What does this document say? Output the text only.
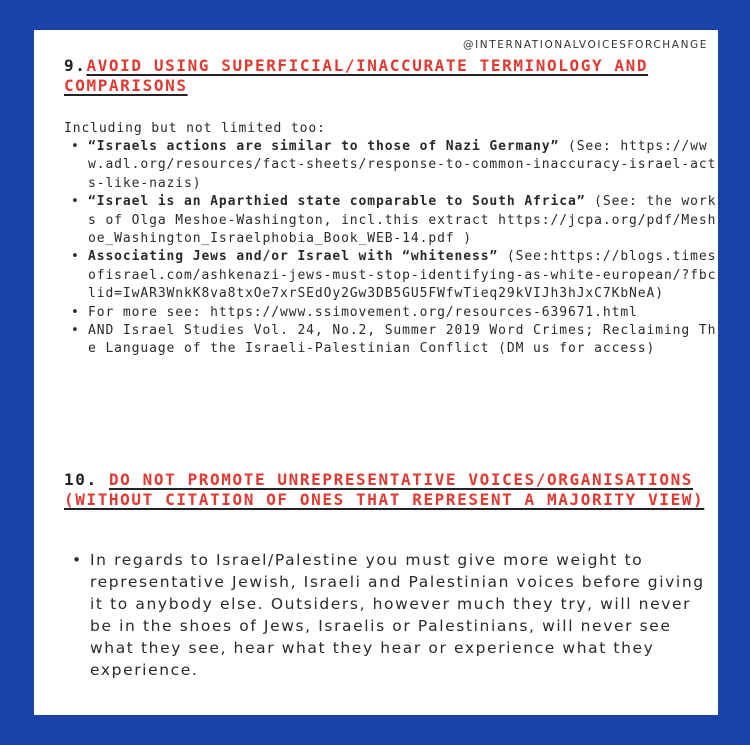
@INTERNATIONALVOICESFORCHANGE
9.AVOID USING SUPERFICIAL/INACCURATE TERMINOLOGY AND COMPARISONS
Including but not limited too:
• “Israels actions are similar to those of Nazi Germany” (See: https://www.adl.org/resources/fact-sheets/response-to-common-inaccuracy-israel-acts-like-nazis)
• “Israel is an Aparthied state comparable to South Africa” (See: the works of Olga Meshoe-Washington, incl.this extract https://jcpa.org/pdf/Meshoe_Washington_Israelphobia_Book_WEB-14.pdf )
• Associating Jews and/or Israel with “whiteness” (See:https://blogs.timesofisrael.com/ashkenazi-jews-must-stop-identifying-as-white-european/?fbclid=IwAR3WnkK8va8txOe7xrSEdOy2Gw3DB5GU5FWfwTieq29kVIJh3hJxC7KbNeA)
• For more see: https://www.ssimovement.org/resources-639671.html
• AND Israel Studies Vol. 24, No.2, Summer 2019 Word Crimes; Reclaiming The Language of the Israeli-Palestinian Conflict (DM us for access)
10. DO NOT PROMOTE UNREPRESENTATIVE VOICES/ORGANISATIONS (WITHOUT CITATION OF ONES THAT REPRESENT A MAJORITY VIEW)
• In regards to Israel/Palestine you must give more weight to representative Jewish, Israeli and Palestinian voices before giving it to anybody else. Outsiders, however much they try, will never be in the shoes of Jews, Israelis or Palestinians, will never see what they see, hear what they hear or experience what they experience.
